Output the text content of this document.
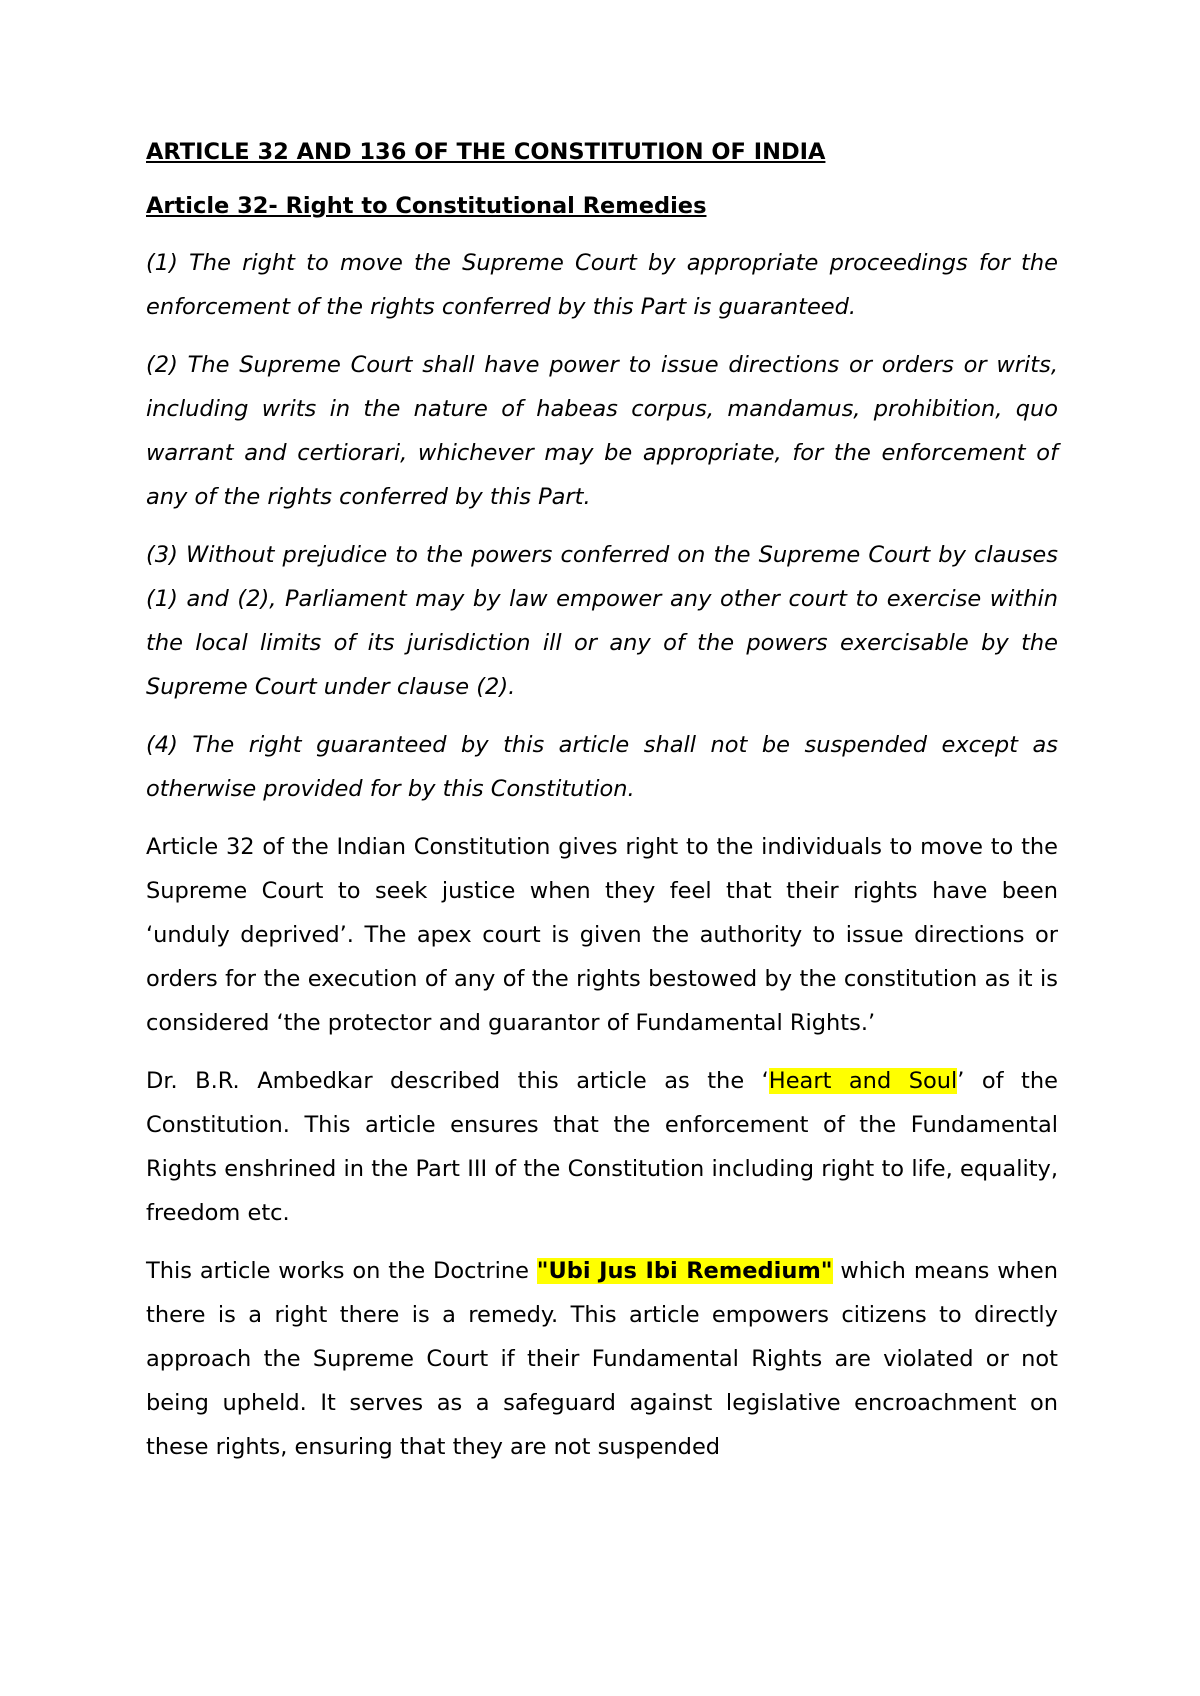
ARTICLE 32 AND 136 OF THE CONSTITUTION OF INDIA

Article 32- Right to Constitutional Remedies

(1) The right to move the Supreme Court by appropriate proceedings for the enforcement of the rights conferred by this Part is guaranteed.

(2) The Supreme Court shall have power to issue directions or orders or writs, including writs in the nature of habeas corpus, mandamus, prohibition, quo warrant and certiorari, whichever may be appropriate, for the enforcement of any of the rights conferred by this Part.

(3) Without prejudice to the powers conferred on the Supreme Court by clauses (1) and (2), Parliament may by law empower any other court to exercise within the local limits of its jurisdiction ill or any of the powers exercisable by the Supreme Court under clause (2).

(4) The right guaranteed by this article shall not be suspended except as otherwise provided for by this Constitution.

Article 32 of the Indian Constitution gives right to the individuals to move to the Supreme Court to seek justice when they feel that their rights have been ‘unduly deprived’. The apex court is given the authority to issue directions or orders for the execution of any of the rights bestowed by the constitution as it is considered ‘the protector and guarantor of Fundamental Rights.’

Dr. B.R. Ambedkar described this article as the ‘Heart and Soul’ of the Constitution. This article ensures that the enforcement of the Fundamental Rights enshrined in the Part III of the Constitution including right to life, equality, freedom etc.

This article works on the Doctrine "Ubi Jus Ibi Remedium" which means when there is a right there is a remedy. This article empowers citizens to directly approach the Supreme Court if their Fundamental Rights are violated or not being upheld. It serves as a safeguard against legislative encroachment on these rights, ensuring that they are not suspended
